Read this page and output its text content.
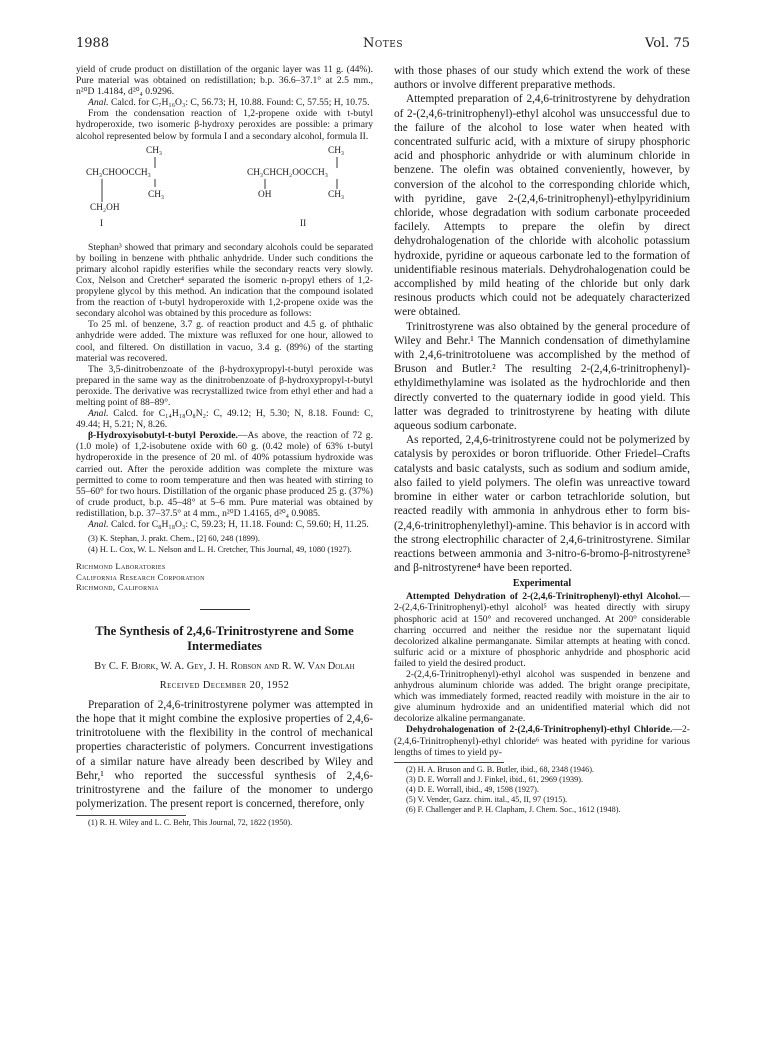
1988	Notes	Vol. 75

yield of crude product on distillation of the organic layer was 11 g. (44%). Pure material was obtained on redistillation; b.p. 36.6–37.1° at 2.5 mm., n²⁰D 1.4184, d²⁰₄ 0.9296.

Anal. Calcd. for C₇H₁₆O₃: C, 56.73; H, 10.88. Found: C, 57.55; H, 10.75.

From the condensation reaction of 1,2-propene oxide with t-butyl hydroperoxide, two isomeric β-hydroxy peroxides are possible: a primary alcohol represented below by formula I and a secondary alcohol, formula II.

CH₃
CH₃CHOOCCH₃
CH₃
CH₂OH
I
CH₃
CH₃CHCH₂OOCCH₃
OH	CH₃
II

Stephan³ showed that primary and secondary alcohols could be separated by boiling in benzene with phthalic anhydride. Under such conditions the primary alcohol rapidly esterifies while the secondary reacts very slowly. Cox, Nelson and Cretcher⁴ separated the isomeric n-propyl ethers of 1,2-propylene glycol by this method. An indication that the compound isolated from the reaction of t-butyl hydroperoxide with 1,2-propene oxide was the secondary alcohol was obtained by this procedure as follows:

To 25 ml. of benzene, 3.7 g. of reaction product and 4.5 g. of phthalic anhydride were added. The mixture was refluxed for one hour, allowed to cool, and filtered. On distillation in vacuo, 3.4 g. (89%) of the starting material was recovered.

The 3,5-dinitrobenzoate of the β-hydroxypropyl-t-butyl peroxide was prepared in the same way as the dinitrobenzoate of β-hydroxypropyl-t-butyl peroxide. The derivative was recrystallized twice from ethyl ether and had a melting point of 88–89°.

Anal. Calcd. for C₁₄H₁₈O₈N₂: C, 49.12; H, 5.30; N, 8.18. Found: C, 49.44; H, 5.21; N, 8.26.

β-Hydroxyisobutyl-t-butyl Peroxide.—As above, the reaction of 72 g. (1.0 mole) of 1,2-isobutene oxide with 60 g. (0.42 mole) of 63% t-butyl hydroperoxide in the presence of 20 ml. of 40% potassium hydroxide was carried out. After the peroxide addition was complete the mixture was permitted to come to room temperature and then was heated with stirring to 55–60° for two hours. Distillation of the organic phase produced 25 g. (37%) of crude product, b.p. 45–48° at 5–6 mm. Pure material was obtained by redistillation, b.p. 37–37.5° at 4 mm., n²⁰D 1.4165, d²⁰₄ 0.9085.

Anal. Calcd. for C₈H₁₈O₃: C, 59.23; H, 11.18. Found: C, 59.60; H, 11.25.

(3) K. Stephan, J. prakt. Chem., [2] 60, 248 (1899).

(4) H. L. Cox, W. L. Nelson and L. H. Cretcher, This Journal, 49, 1080 (1927).

Richmond Laboratories
California Research Corporation
Richmond, California
The Synthesis of 2,4,6-Trinitrostyrene and Some Intermediates
By C. F. Bjork, W. A. Gey, J. H. Robson and R. W. Van Dolah
Received December 20, 1952

Preparation of 2,4,6-trinitrostyrene polymer was attempted in the hope that it might combine the explosive properties of 2,4,6-trinitrotoluene with the flexibility in the control of mechanical properties characteristic of polymers. Concurrent investigations of a similar nature have already been described by Wiley and Behr,¹ who reported the successful synthesis of 2,4,6-trinitrostyrene and the failure of the monomer to undergo polymerization. The present report is concerned, therefore, only

(1) R. H. Wiley and L. C. Behr, This Journal, 72, 1822 (1950).

with those phases of our study which extend the work of these authors or involve different preparative methods.

Attempted preparation of 2,4,6-trinitrostyrene by dehydration of 2-(2,4,6-trinitrophenyl)-ethyl alcohol was unsuccessful due to the failure of the alcohol to lose water when heated with concentrated sulfuric acid, with a mixture of sirupy phosphoric acid and phosphoric anhydride or with aluminum chloride in benzene. The olefin was obtained conveniently, however, by conversion of the alcohol to the corresponding chloride which, with pyridine, gave 2-(2,4,6-trinitrophenyl)-ethylpyridinium chloride, whose degradation with sodium carbonate proceeded facilely. Attempts to prepare the olefin by direct dehydrohalogenation of the chloride with alcoholic potassium hydroxide, pyridine or aqueous carbonate led to the formation of unidentifiable resinous materials. Dehydrohalogenation could be accomplished by mild heating of the chloride but only dark resinous products which could not be adequately characterized were obtained.

Trinitrostyrene was also obtained by the general procedure of Wiley and Behr.¹ The Mannich condensation of dimethylamine with 2,4,6-trinitrotoluene was accomplished by the method of Bruson and Butler.² The resulting 2-(2,4,6-trinitrophenyl)-ethyldimethylamine was isolated as the hydrochloride and then directly converted to the quaternary iodide in good yield. This latter was degraded to trinitrostyrene by heating with dilute aqueous sodium carbonate.

As reported, 2,4,6-trinitrostyrene could not be polymerized by catalysis by peroxides or boron trifluoride. Other Friedel–Crafts catalysts and basic catalysts, such as sodium and sodium amide, also failed to yield polymers. The olefin was unreactive toward bromine in either water or carbon tetrachloride solution, but reacted readily with ammonia in anhydrous ether to form bis-(2,4,6-trinitrophenylethyl)-amine. This behavior is in accord with the strong electrophilic character of 2,4,6-trinitrostyrene. Similar reactions between ammonia and 3-nitro-6-bromo-β-nitrostyrene³ and β-nitrostyrene⁴ have been reported.

Experimental

Attempted Dehydration of 2-(2,4,6-Trinitrophenyl)-ethyl Alcohol.—2-(2,4,6-Trinitrophenyl)-ethyl alcohol⁵ was heated directly with sirupy phosphoric acid at 150° and recovered unchanged. At 200° considerable charring occurred and neither the residue nor the supernatant liquid decolorized alkaline permanganate. Similar attempts at heating with concd. sulfuric acid or a mixture of phosphoric anhydride and phosphoric acid failed to yield the desired product.

2-(2,4,6-Trinitrophenyl)-ethyl alcohol was suspended in benzene and anhydrous aluminum chloride was added. The bright orange precipitate, which was immediately formed, reacted readily with moisture in the air to give aluminum hydroxide and an unidentified material which did not decolorize alkaline permanganate.

Dehydrohalogenation of 2-(2,4,6-Trinitrophenyl)-ethyl Chloride.—2-(2,4,6-Trinitrophenyl)-ethyl chloride⁶ was heated with pyridine for various lengths of times to yield py-

(2) H. A. Bruson and G. B. Butler, ibid., 68, 2348 (1946).

(3) D. E. Worrall and J. Finkel, ibid., 61, 2969 (1939).

(4) D. E. Worrall, ibid., 49, 1598 (1927).

(5) V. Vender, Gazz. chim. ital., 45, II, 97 (1915).

(6) F. Challenger and P. H. Clapham, J. Chem. Soc., 1612 (1948).
